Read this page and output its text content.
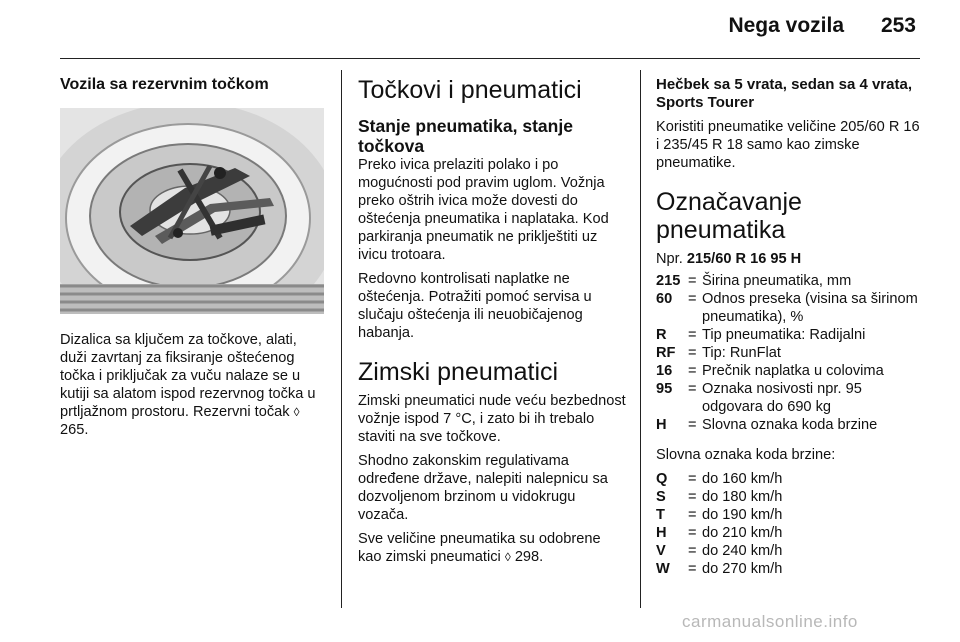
Nega vozila 253
Vozila sa rezervnim točkom

Dizalica sa ključem za točkove, alati, duži zavrtanj za fiksiranje oštećenog točka i priključak za vuču nalaze se u kutiji sa alatom ispod rezervnog točka u prtljažnom prostoru. Rezervni točak ◊ 265.

Točkovi i pneumatici
Stanje pneumatika, stanje točkova

Preko ivica prelaziti polako i po mogućnosti pod pravim uglom. Vožnja preko oštrih ivica može dovesti do oštećenja pneumatika i naplataka. Kod parkiranja pneumatik ne priklještiti uz ivicu trotoara.

Redovno kontrolisati naplatke ne oštećenja. Potražiti pomoć servisa u slučaju oštećenja ili neuobičajenog habanja.

Zimski pneumatici

Zimski pneumatici nude veću bezbednost vožnje ispod 7 °C, i zato bi ih trebalo staviti na sve točkove.

Shodno zakonskim regulativama određene države, nalepiti nalepnicu sa dozvoljenom brzinom u vidokrugu vozača.

Sve veličine pneumatika su odobrene kao zimski pneumatici ◊ 298.

Hečbek sa 5 vrata, sedan sa 4 vrata, Sports Tourer

Koristiti pneumatike veličine 205/60 R 16 i 235/45 R 18 samo kao zimske pneumatike.

Označavanje pneumatika

Npr. 215/60 R 16 95 H

215	=	Širina pneumatika, mm
60	=	Odnos preseka (visina sa širinom pneumatika), %
R	=	Tip pneumatika: Radijalni
RF	=	Tip: RunFlat
16	=	Prečnik naplatka u colovima
95	=	Oznaka nosivosti npr. 95 odgovara do 690 kg
H	=	Slovna oznaka koda brzine

Slovna oznaka koda brzine:

Q	=	do 160 km/h
S	=	do 180 km/h
T	=	do 190 km/h
H	=	do 210 km/h
V	=	do 240 km/h
W	=	do 270 km/h
carmanualsonline.info
